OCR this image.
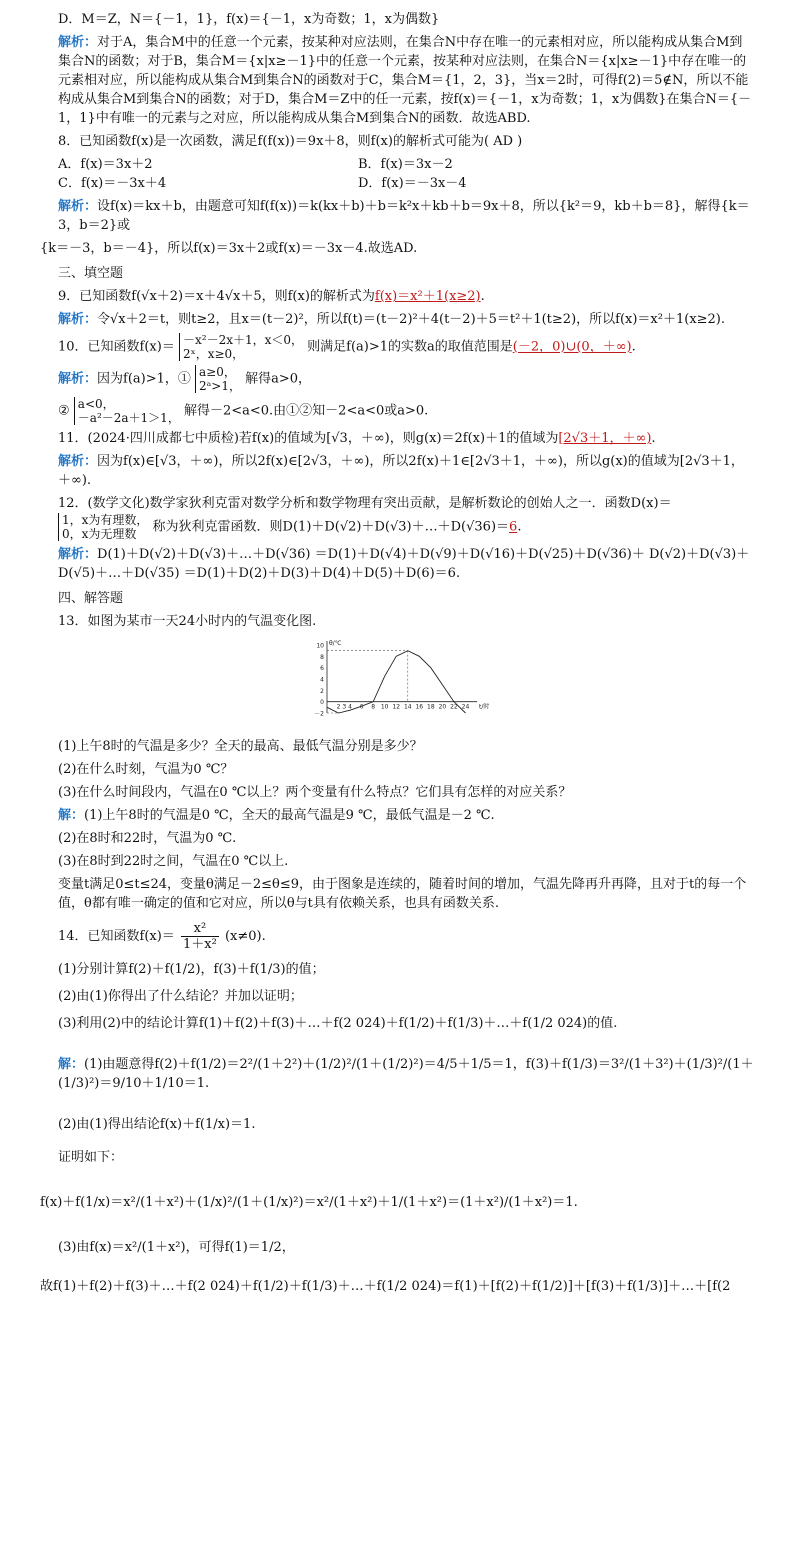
D．M＝Z，N＝{－1，1}，f(x)＝{－1，x为奇数；1，x为偶数}
解析：对于A，集合M中的任意一个元素，按某种对应法则，在集合N中存在唯一的元素相对应，所以能构成从集合M到集合N的函数；对于B，集合M＝{x|x≥－1}中的任意一个元素，按某种对应法则，在集合N＝{x|x≥－1}中存在唯一的元素相对应，所以能构成从集合M到集合N的函数对于C，集合M＝{1，2，3}，当x＝2时，可得f(2)＝5∉N，所以不能构成从集合M到集合N的函数；对于D，集合M＝Z中的任一元素，按f(x)＝{－1，x为奇数；1，x为偶数}在集合N＝{－1，1}中有唯一的元素与之对应，所以能构成从集合M到集合N的函数．故选ABD.
8．已知函数f(x)是一次函数，满足f(f(x))＝9x＋8，则f(x)的解析式可能为( AD )
A．f(x)＝3x＋2	B．f(x)＝3x－2
C．f(x)＝－3x＋4	D．f(x)＝－3x－4
解析：设f(x)＝kx＋b，由题意可知f(f(x))＝k(kx＋b)＋b＝k²x＋kb＋b＝9x＋8，所以{k²＝9，kb＋b＝8}，解得{k＝3，b＝2}或
{k＝－3，b＝－4}，所以f(x)＝3x＋2或f(x)＝－3x－4.故选AD.
三、填空题
9．已知函数f(√x＋2)＝x＋4√x＋5，则f(x)的解析式为f(x)＝x²＋1(x≥2).
解析：令√x＋2＝t，则t≥2，且x＝(t－2)²，所以f(t)＝(t－2)²＋4(t－2)＋5＝t²＋1(t≥2)，所以f(x)＝x²＋1(x≥2).
10．已知函数f(x)＝ －x²－2x＋1，x＜0，
2ˣ，x≥0，	则满足f(a)>1的实数a的取值范围是(－2，0)∪(0，＋∞).
解析：因为f(a)>1，① a≥0，
2ᵃ>1， 解得a>0，
② a<0，
－a²－2a＋1＞1， 解得－2<a<0.由①②知－2<a<0或a>0.
11．(2024·四川成都七中质检)若f(x)的值域为[√3，＋∞)，则g(x)＝2f(x)＋1的值域为[2√3＋1，＋∞).
解析：因为f(x)∈[√3，＋∞)，所以2f(x)∈[2√3，＋∞)，所以2f(x)＋1∈[2√3＋1，＋∞)，所以g(x)的值域为[2√3＋1，＋∞).
12．(数学文化)数学家狄利克雷对数学分析和数学物理有突出贡献，是解析数论的创始人之一．函数D(x)＝
1，x为有理数，
0，x为无理数	称为狄利克雷函数．则D(1)＋D(√2)＋D(√3)＋…＋D(√36)＝6.
解析：D(1)＋D(√2)＋D(√3)＋…＋D(√36) ＝D(1)＋D(√4)＋D(√9)＋D(√16)＋D(√25)＋D(√36)＋ D(√2)＋D(√3)＋D(√5)＋…＋D(√35) ＝D(1)＋D(2)＋D(3)＋D(4)＋D(5)＋D(6)＝6.
四、解答题
13．如图为某市一天24小时内的气温变化图.
10
8
6
4
2
0
－2
2 3 4 6 8 10 12 14 16 18 20 22 24
θ/℃
t/时
(1)上午8时的气温是多少？全天的最高、最低气温分别是多少？
(2)在什么时刻，气温为0 ℃？
(3)在什么时间段内，气温在0 ℃以上？两个变量有什么特点？它们具有怎样的对应关系？
解：(1)上午8时的气温是0 ℃，全天的最高气温是9 ℃，最低气温是－2 ℃.
(2)在8时和22时，气温为0 ℃.
(3)在8时到22时之间，气温在0 ℃以上.
变量t满足0≤t≤24，变量θ满足－2≤θ≤9，由于图象是连续的，随着时间的增加，气温先降再升再降，且对于t的每一个值，θ都有唯一确定的值和它对应，所以θ与t具有依赖关系，也具有函数关系.
14．已知函数$f(x)= \frac{\text{x²}}{\text{1＋x²}} (x\ne 0)$.
(1)分别计算f(2)＋f(1/2)，f(3)＋f(1/3)的值；
(2)由(1)你得出了什么结论？并加以证明；
(3)利用(2)中的结论计算f(1)＋f(2)＋f(3)＋…＋f(2 024)＋f(1/2)＋f(1/3)＋…＋f(1/2 024)的值.
解：(1)由题意得f(2)＋f(1/2)＝2²/(1＋2²)＋(1/2)²/(1＋(1/2)²)＝4/5＋1/5＝1，f(3)＋f(1/3)＝3²/(1＋3²)＋(1/3)²/(1＋(1/3)²)＝9/10＋1/10＝1.
(2)由(1)得出结论f(x)＋f(1/x)＝1.
证明如下：
f(x)＋f(1/x)＝x²/(1＋x²)＋(1/x)²/(1＋(1/x)²)＝x²/(1＋x²)＋1/(1＋x²)＝(1＋x²)/(1＋x²)＝1.
(3)由f(x)＝x²/(1＋x²)，可得f(1)＝1/2，
故f(1)＋f(2)＋f(3)＋…＋f(2 024)＋f(1/2)＋f(1/3)＋…＋f(1/2 024)＝f(1)＋[f(2)＋f(1/2)]＋[f(3)＋f(1/3)]＋…＋[f(2
